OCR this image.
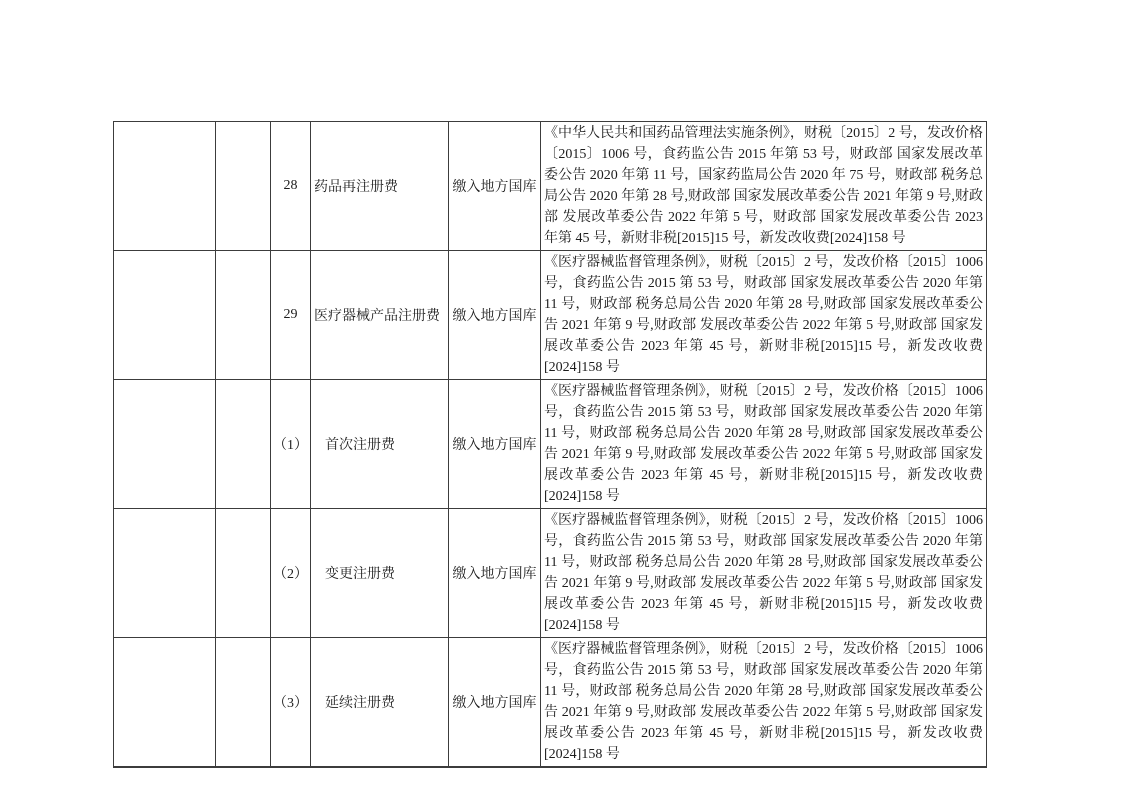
		28	药品再注册费	缴入地方国库	《中华人民共和国药品管理法实施条例》，财税〔2015〕2 号，发改价格〔2015〕1006 号，食药监公告 2015 年第 53 号，财政部 国家发展改革委公告 2020 年第 11 号，国家药监局公告 2020 年 75 号，财政部 税务总局公告 2020 年第 28 号,财政部 国家发展改革委公告 2021 年第 9 号,财政部 发展改革委公告 2022 年第 5 号，财政部 国家发展改革委公告 2023 年第 45 号，新财非税[2015]15 号，新发改收费[2024]158 号
		29	医疗器械产品注册费	缴入地方国库	《医疗器械监督管理条例》，财税〔2015〕2 号，发改价格〔2015〕1006 号，食药监公告 2015 第 53 号，财政部 国家发展改革委公告 2020 年第 11 号，财政部 税务总局公告 2020 年第 28 号,财政部 国家发展改革委公告 2021 年第 9 号,财政部 发展改革委公告 2022 年第 5 号,财政部 国家发展改革委公告 2023 年第 45 号，新财非税[2015]15 号，新发改收费[2024]158 号
		（1）	首次注册费	缴入地方国库	《医疗器械监督管理条例》，财税〔2015〕2 号，发改价格〔2015〕1006 号，食药监公告 2015 第 53 号，财政部 国家发展改革委公告 2020 年第 11 号，财政部 税务总局公告 2020 年第 28 号,财政部 国家发展改革委公告 2021 年第 9 号,财政部 发展改革委公告 2022 年第 5 号,财政部 国家发展改革委公告 2023 年第 45 号，新财非税[2015]15 号，新发改收费[2024]158 号
		（2）	变更注册费	缴入地方国库	《医疗器械监督管理条例》，财税〔2015〕2 号，发改价格〔2015〕1006 号，食药监公告 2015 第 53 号，财政部 国家发展改革委公告 2020 年第 11 号，财政部 税务总局公告 2020 年第 28 号,财政部 国家发展改革委公告 2021 年第 9 号,财政部 发展改革委公告 2022 年第 5 号,财政部 国家发展改革委公告 2023 年第 45 号，新财非税[2015]15 号，新发改收费[2024]158 号
		（3）	延续注册费	缴入地方国库	《医疗器械监督管理条例》，财税〔2015〕2 号，发改价格〔2015〕1006 号，食药监公告 2015 第 53 号，财政部 国家发展改革委公告 2020 年第 11 号，财政部 税务总局公告 2020 年第 28 号,财政部 国家发展改革委公告 2021 年第 9 号,财政部 发展改革委公告 2022 年第 5 号,财政部 国家发展改革委公告 2023 年第 45 号，新财非税[2015]15 号，新发改收费[2024]158 号
